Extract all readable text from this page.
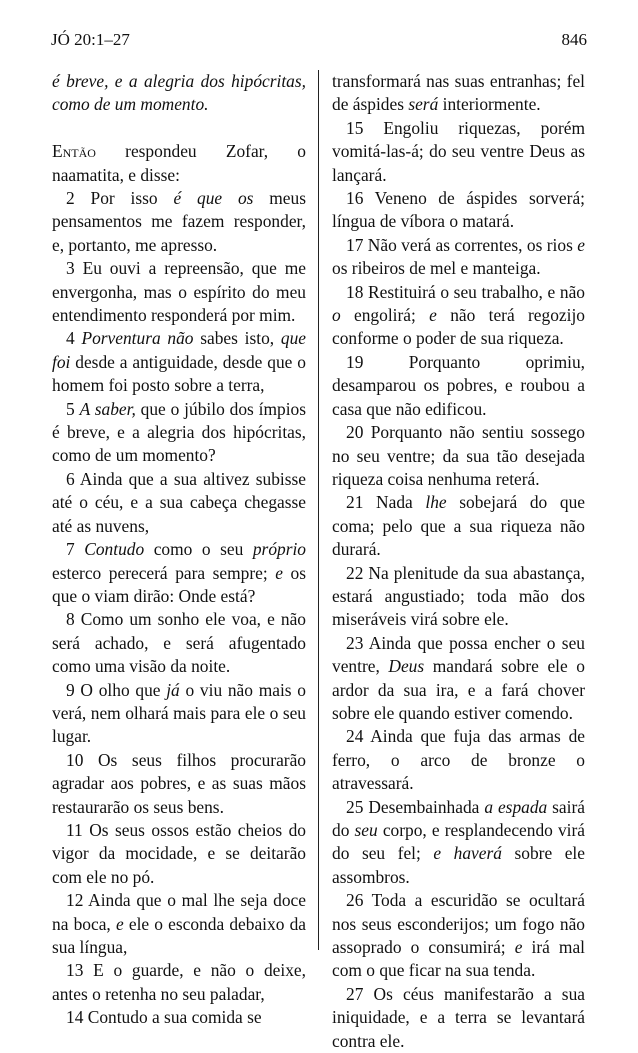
JÓ 20:1–27	846

é breve, e a alegria dos hipócritas, como de um momento.

Então respondeu Zofar, o naamatita, e disse:

2 Por isso é que os meus pensamentos me fazem responder, e, portanto, me apresso.

3 Eu ouvi a repreensão, que me envergonha, mas o espírito do meu entendimento responderá por mim.

4 Porventura não sabes isto, que foi desde a antiguidade, desde que o homem foi posto sobre a terra,

5 A saber, que o júbilo dos ímpios é breve, e a alegria dos hipócritas, como de um momento?

6 Ainda que a sua altivez subisse até o céu, e a sua cabeça chegasse até as nuvens,

7 Contudo como o seu próprio esterco perecerá para sempre; e os que o viam dirão: Onde está?

8 Como um sonho ele voa, e não será achado, e será afugentado como uma visão da noite.

9 O olho que já o viu não mais o verá, nem olhará mais para ele o seu lugar.

10 Os seus filhos procurarão agradar aos pobres, e as suas mãos restaurarão os seus bens.

11 Os seus ossos estão cheios do vigor da mocidade, e se deitarão com ele no pó.

12 Ainda que o mal lhe seja doce na boca, e ele o esconda debaixo da sua língua,

13 E o guarde, e não o deixe, antes o retenha no seu paladar,

14 Contudo a sua comida se

transformará nas suas entranhas; fel de áspides será interiormente.

15 Engoliu riquezas, porém vomitá-las-á; do seu ventre Deus as lançará.

16 Veneno de áspides sorverá; língua de víbora o matará.

17 Não verá as correntes, os rios e os ribeiros de mel e manteiga.

18 Restituirá o seu trabalho, e não o engolirá; e não terá regozijo conforme o poder de sua riqueza.

19 Porquanto oprimiu, desamparou os pobres, e roubou a casa que não edificou.

20 Porquanto não sentiu sossego no seu ventre; da sua tão desejada riqueza coisa nenhuma reterá.

21 Nada lhe sobejará do que coma; pelo que a sua riqueza não durará.

22 Na plenitude da sua abastança, estará angustiado; toda mão dos miseráveis virá sobre ele.

23 Ainda que possa encher o seu ventre, Deus mandará sobre ele o ardor da sua ira, e a fará chover sobre ele quando estiver comendo.

24 Ainda que fuja das armas de ferro, o arco de bronze o atravessará.

25 Desembainhada a espada sairá do seu corpo, e resplandecendo virá do seu fel; e haverá sobre ele assombros.

26 Toda a escuridão se ocultará nos seus esconderijos; um fogo não assoprado o consumirá; e irá mal com o que ficar na sua tenda.

27 Os céus manifestarão a sua iniquidade, e a terra se levantará contra ele.
